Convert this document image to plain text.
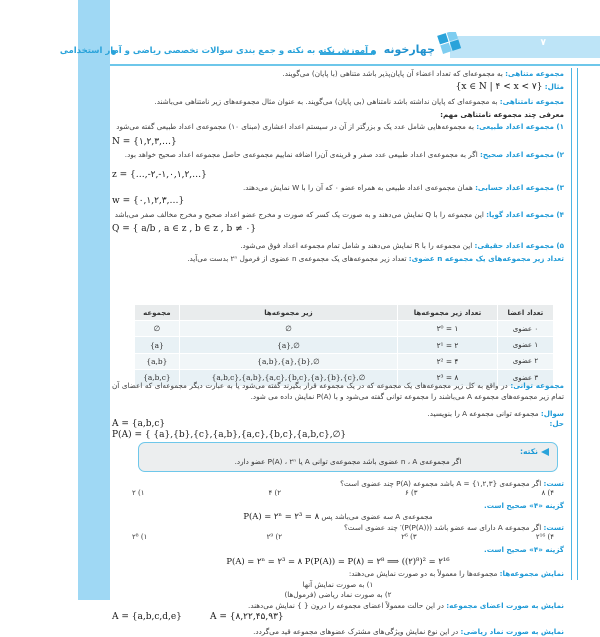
۷
چهارخونه
آموزش نکته به نکته و جمع بندی سوالات تخصصی ریاضی و آمار استخدامی
مجموعه متناهی: به مجموعه‌ای که تعداد اعضاء آن پایان‌پذیر باشد متناهی (با پایان) می‌گویند.
مثال: {x ∈ N | ۴ < x < ۷}
مجموعه نامتناهی: به مجموعه‌ای که پایان نداشته باشد نامتناهی (بی پایان) می‌گویند. به عنوان مثال مجموعه‌های زیر نامتناهی می‌باشند.
معرفی چند مجموعه نامتناهی مهم:
۱) مجموعه اعداد طبیعی: به مجموعه‌هایی شامل عدد یک و بزرگتر از آن در سیستم اعداد اعشاری (مبنای ۱۰) مجموعه‌ی اعداد طبیعی گفته می‌شود
N = {۱,۲,۳,…}
۲) مجموعه اعداد صحیح: اگر به مجموعه‌ی اعداد طبیعی عدد صفر و قرینه‌ی آن‌را اضافه نماییم مجموعه‌ی حاصل مجموعه اعداد صحیح خواهد بود.
z = {…,-۲,-۱,۰,۱,۲,…}
۳) مجموعه اعداد حسابی: همان مجموعه‌ی اعداد طبیعی به همراه عضو ۰ که آن را با W نمایش می‌دهند.
w = {۰,۱,۲,۳,…}
۴) مجموعه اعداد گویا: این مجموعه را با Q نمایش می‌دهند و به صورت یک کسر که صورت و مخرج عضو اعداد صحیح و مخرج مخالف صفر می‌باشد
Q = { a/b , a ∈ z , b ∈ z , b ≠ ۰}
۵) مجموعه اعداد حقیقی: این مجموعه را با R نمایش می‌دهند و شامل تمام مجموعه اعداد فوق می‌شود.
تعداد زیر مجموعه‌های یک مجموعه n عضوی: تعداد زیر مجموعه‌های یک مجموعه‌ی n عضوی از فرمول ۲ⁿ بدست می‌آید.
تعداد اعضا	تعداد زیر مجموعه‌ها	زیر مجموعه‌ها	مجموعه
۰ عضوی	۲⁰ = ۱	∅	∅
۱ عضوی	۲¹ = ۲	{a},∅	{a}
۲ عضوی	۲² = ۴	{a,b},{a},{b},∅	{a,b}
۳ عضوی	۲³ = ۸	{a,b,c},{a,b},{a,c},{b,c},{a},{b},{c},∅	{a,b,c}
مجموعه توانی: در واقع به کل زیر مجموعه‌های یک مجموعه که در یک مجموعه قرار بگیرند گفته می‌شود یا به عبارت دیگر مجموعه‌ای که اعضای آن تمام زیر مجموعه‌های مجموعه A می‌باشند را مجموعه توانی گفته می‌شود و با P(A) نمایش داده می شود.
سوال: مجموعه توانی مجموعه A را بنویسید.
حل:
A = {a,b,c}
P(A) = { {a},{b},{c},{a,b},{a,c},{b,c},{a,b,c},∅}
نکته:
اگر مجموعه‌ی n ، A عضوی باشد مجموعه‌ی توانی A یا P(A) ، ۲ⁿ عضو دارد.
تست: اگر مجموعه‌ی {۱,۲,۳} = A باشد مجموعه P(A) چند عضوی است؟
۱) ۲	۲) ۴	۳) ۶	۴) ۸
گزینه «۴» صحیح است.
مجموعه‌ی A سه عضوی می‌باشد پس P(A) = ۲ⁿ = ۲³ = ۸
تست: اگر مجموعه A دارای سه عضو باشد (P(P(A)))′ چند عضوی است؟
۱) ۲⁸	۲) ۲⁹	۳) ۲⁶	۴) ۲¹⁶
گزینه «۴» صحیح است.
P(A) = ۲ⁿ = ۲³ = ۸ P(P(A)) = P(۸) = ۲⁸ ⟹ ((۲)⁸)² = ۲¹⁶
نمایش مجموعه‌ها: مجموعه‌ها را معمولاً به دو صورت نمایش می‌دهند:
۱) به صورت نمایش آنها
۲) به صورت نماد ریاضی (فرمول‌ها)
نمایش به صورت اعضای مجموعه: در این حالت معمولاً اعضای مجموعه را درون { } نمایش می‌دهند.
A = {a,b,c,d,e}	A = {۸,۲۲,۴۵,۹۳}
نمایش به صورت نماد ریاضی: در این نوع نمایش ویژگی‌های مشترک عضوهای مجموعه قید می‌گردد.
